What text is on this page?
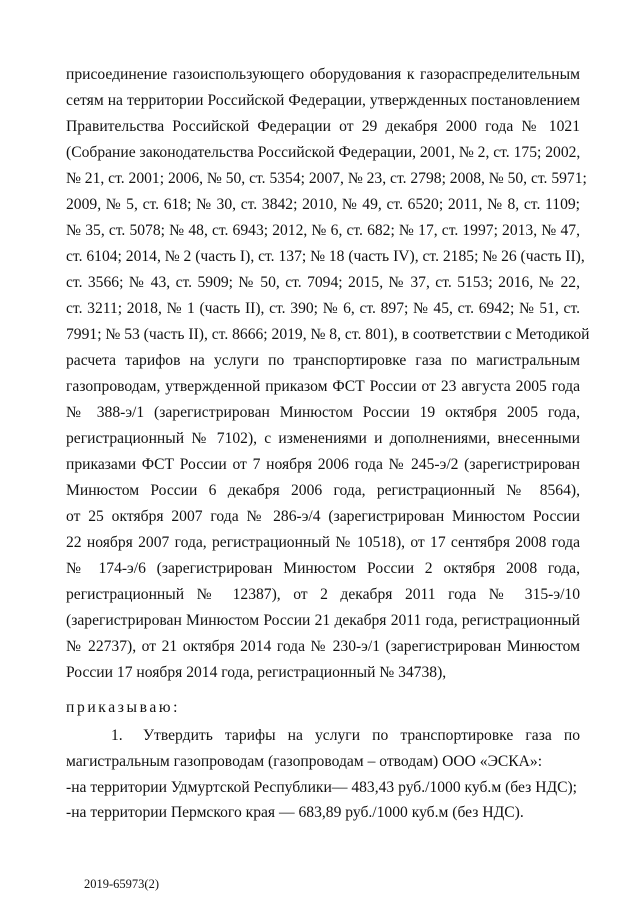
присоединение газоиспользующего оборудования к газораспределительным
сетям на территории Российской Федерации, утвержденных постановлением
Правительства Российской Федерации от 29 декабря 2000 года № 1021
(Собрание законодательства Российской Федерации, 2001, № 2, ст. 175; 2002,
№ 21, ст. 2001; 2006, № 50, ст. 5354; 2007, № 23, ст. 2798; 2008, № 50, ст. 5971;
2009, № 5, ст. 618; № 30, ст. 3842; 2010, № 49, ст. 6520; 2011, № 8, ст. 1109;
№ 35, ст. 5078; № 48, ст. 6943; 2012, № 6, ст. 682; № 17, ст. 1997; 2013, № 47,
ст. 6104; 2014, № 2 (часть I), ст. 137; № 18 (часть IV), ст. 2185; № 26 (часть II),
ст. 3566; № 43, ст. 5909; № 50, ст. 7094; 2015, № 37, ст. 5153; 2016, № 22,
ст. 3211; 2018, № 1 (часть II), ст. 390; № 6, ст. 897; № 45, ст. 6942; № 51, ст.
7991; № 53 (часть II), ст. 8666; 2019, № 8, ст. 801), в соответствии с Методикой
расчета тарифов на услуги по транспортировке газа по магистральным
газопроводам, утвержденной приказом ФСТ России от 23 августа 2005 года
№ 388-э/1 (зарегистрирован Минюстом России 19 октября 2005 года,
регистрационный № 7102), с изменениями и дополнениями, внесенными
приказами ФСТ России от 7 ноября 2006 года № 245-э/2 (зарегистрирован
Минюстом России 6 декабря 2006 года, регистрационный № 8564),
от 25 октября 2007 года № 286-э/4 (зарегистрирован Минюстом России
22 ноября 2007 года, регистрационный № 10518), от 17 сентября 2008 года
№ 174-э/6 (зарегистрирован Минюстом России 2 октября 2008 года,
регистрационный № 12387), от 2 декабря 2011 года № 315-э/10
(зарегистрирован Минюстом России 21 декабря 2011 года, регистрационный
№ 22737), от 21 октября 2014 года № 230-э/1 (зарегистрирован Минюстом
России 17 ноября 2014 года, регистрационный № 34738),
приказываю:
1. Утвердить тарифы на услуги по транспортировке газа по
магистральным газопроводам (газопроводам – отводам) ООО «ЭСКА»:
-на территории Удмуртской Республики— 483,43 руб./1000 куб.м (без НДС);
-на территории Пермского края — 683,89 руб./1000 куб.м (без НДС).
2019-65973(2)
